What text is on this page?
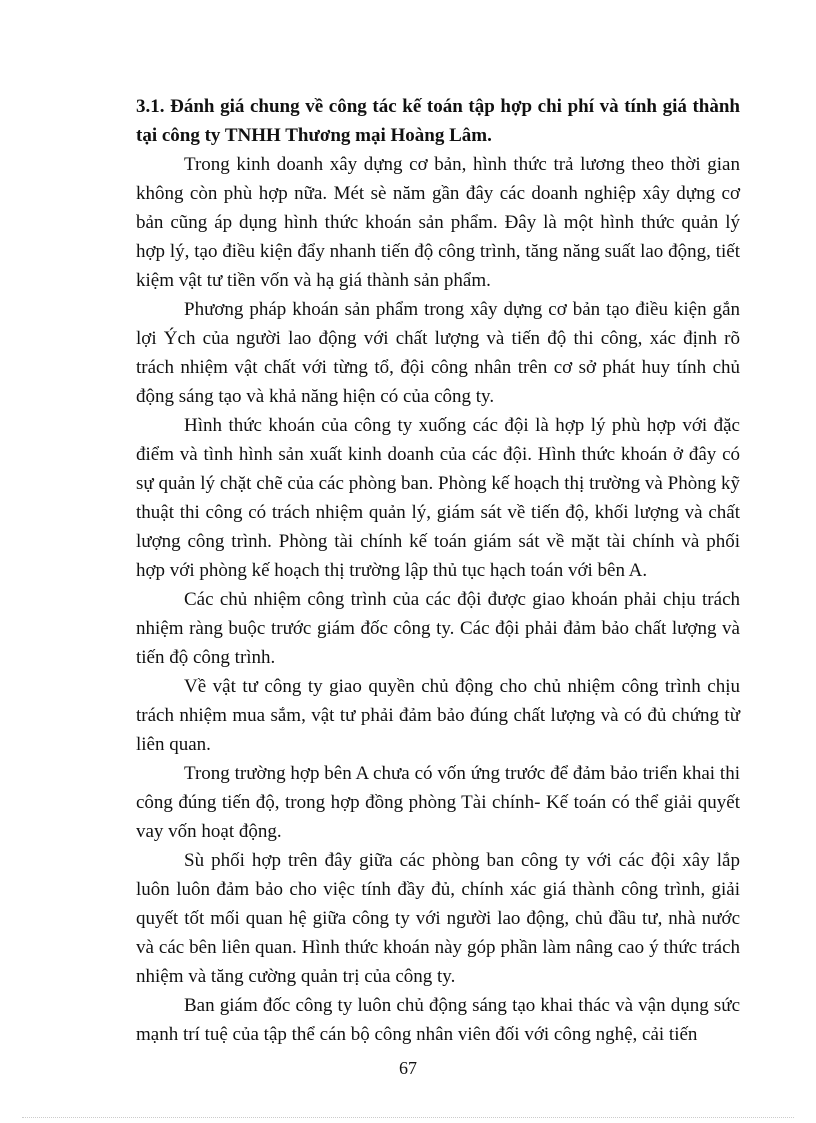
3.1. Đánh giá chung về công tác kế toán tập hợp chi phí và tính giá thành tại công ty TNHH Thương mại Hoàng Lâm.

Trong kinh doanh xây dựng cơ bản, hình thức trả lương theo thời gian không còn phù hợp nữa. Mét sè năm gần đây các doanh nghiệp xây dựng cơ bản cũng áp dụng hình thức khoán sản phẩm. Đây là một hình thức quản lý hợp lý, tạo điều kiện đẩy nhanh tiến độ công trình, tăng năng suất lao động, tiết kiệm vật tư tiền vốn và hạ giá thành sản phẩm.

Phương pháp khoán sản phẩm trong xây dựng cơ bản tạo điều kiện gắn lợi Ých của người lao động với chất lượng và tiến độ thi công, xác định rõ trách nhiệm vật chất với từng tổ, đội công nhân trên cơ sở phát huy tính chủ động sáng tạo và khả năng hiện có của công ty.

Hình thức khoán của công ty xuống các đội là hợp lý phù hợp với đặc điểm và tình hình sản xuất kinh doanh của các đội. Hình thức khoán ở đây có sự quản lý chặt chẽ của các phòng ban. Phòng kế hoạch thị trường và Phòng kỹ thuật thi công có trách nhiệm quản lý, giám sát về tiến độ, khối lượng và chất lượng công trình. Phòng tài chính kế toán giám sát về mặt tài chính và phối hợp với phòng kế hoạch thị trường lập thủ tục hạch toán với bên A.

Các chủ nhiệm công trình của các đội được giao khoán phải chịu trách nhiệm ràng buộc trước giám đốc công ty. Các đội phải đảm bảo chất lượng và tiến độ công trình.

Về vật tư công ty giao quyền chủ động cho chủ nhiệm công trình chịu trách nhiệm mua sắm, vật tư phải đảm bảo đúng chất lượng và có đủ chứng từ liên quan.

Trong trường hợp bên A chưa có vốn ứng trước để đảm bảo triển khai thi công đúng tiến độ, trong hợp đồng phòng Tài chính- Kế toán có thể giải quyết vay vốn hoạt động.

Sù phối hợp trên đây giữa các phòng ban công ty với các đội xây lắp luôn luôn đảm bảo cho việc tính đầy đủ, chính xác giá thành công trình, giải quyết tốt mối quan hệ giữa công ty với người lao động, chủ đầu tư, nhà nước và các bên liên quan. Hình thức khoán này góp phần làm nâng cao ý thức trách nhiệm và tăng cường quản trị của công ty.

Ban giám đốc công ty luôn chủ động sáng tạo khai thác và vận dụng sức mạnh trí tuệ của tập thể cán bộ công nhân viên đối với công nghệ, cải tiến

67
